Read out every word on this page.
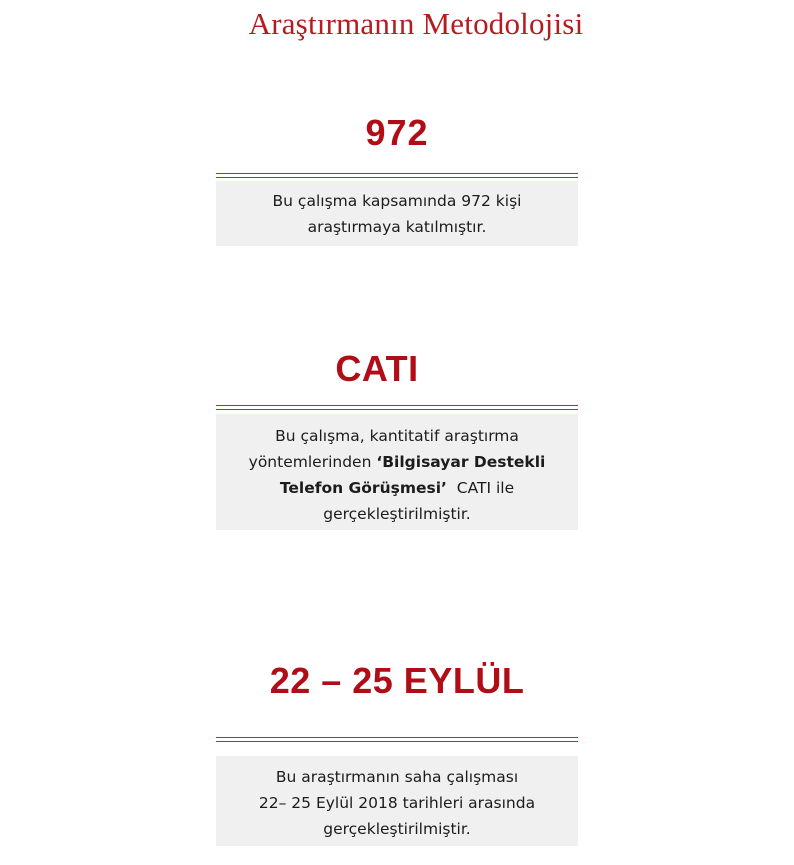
Araştırmanın Metodolojisi
972
Bu çalışma kapsamında 972 kişi
araştırmaya katılmıştır.
CATI
Bu çalışma, kantitatif araştırma
yöntemlerinden ‘Bilgisayar Destekli
Telefon Görüşmesi’  CATI ile
gerçekleştirilmiştir.
22 – 25 EYLÜL
Bu araştırmanın saha çalışması
22– 25 Eylül 2018 tarihleri arasında
gerçekleştirilmiştir.
